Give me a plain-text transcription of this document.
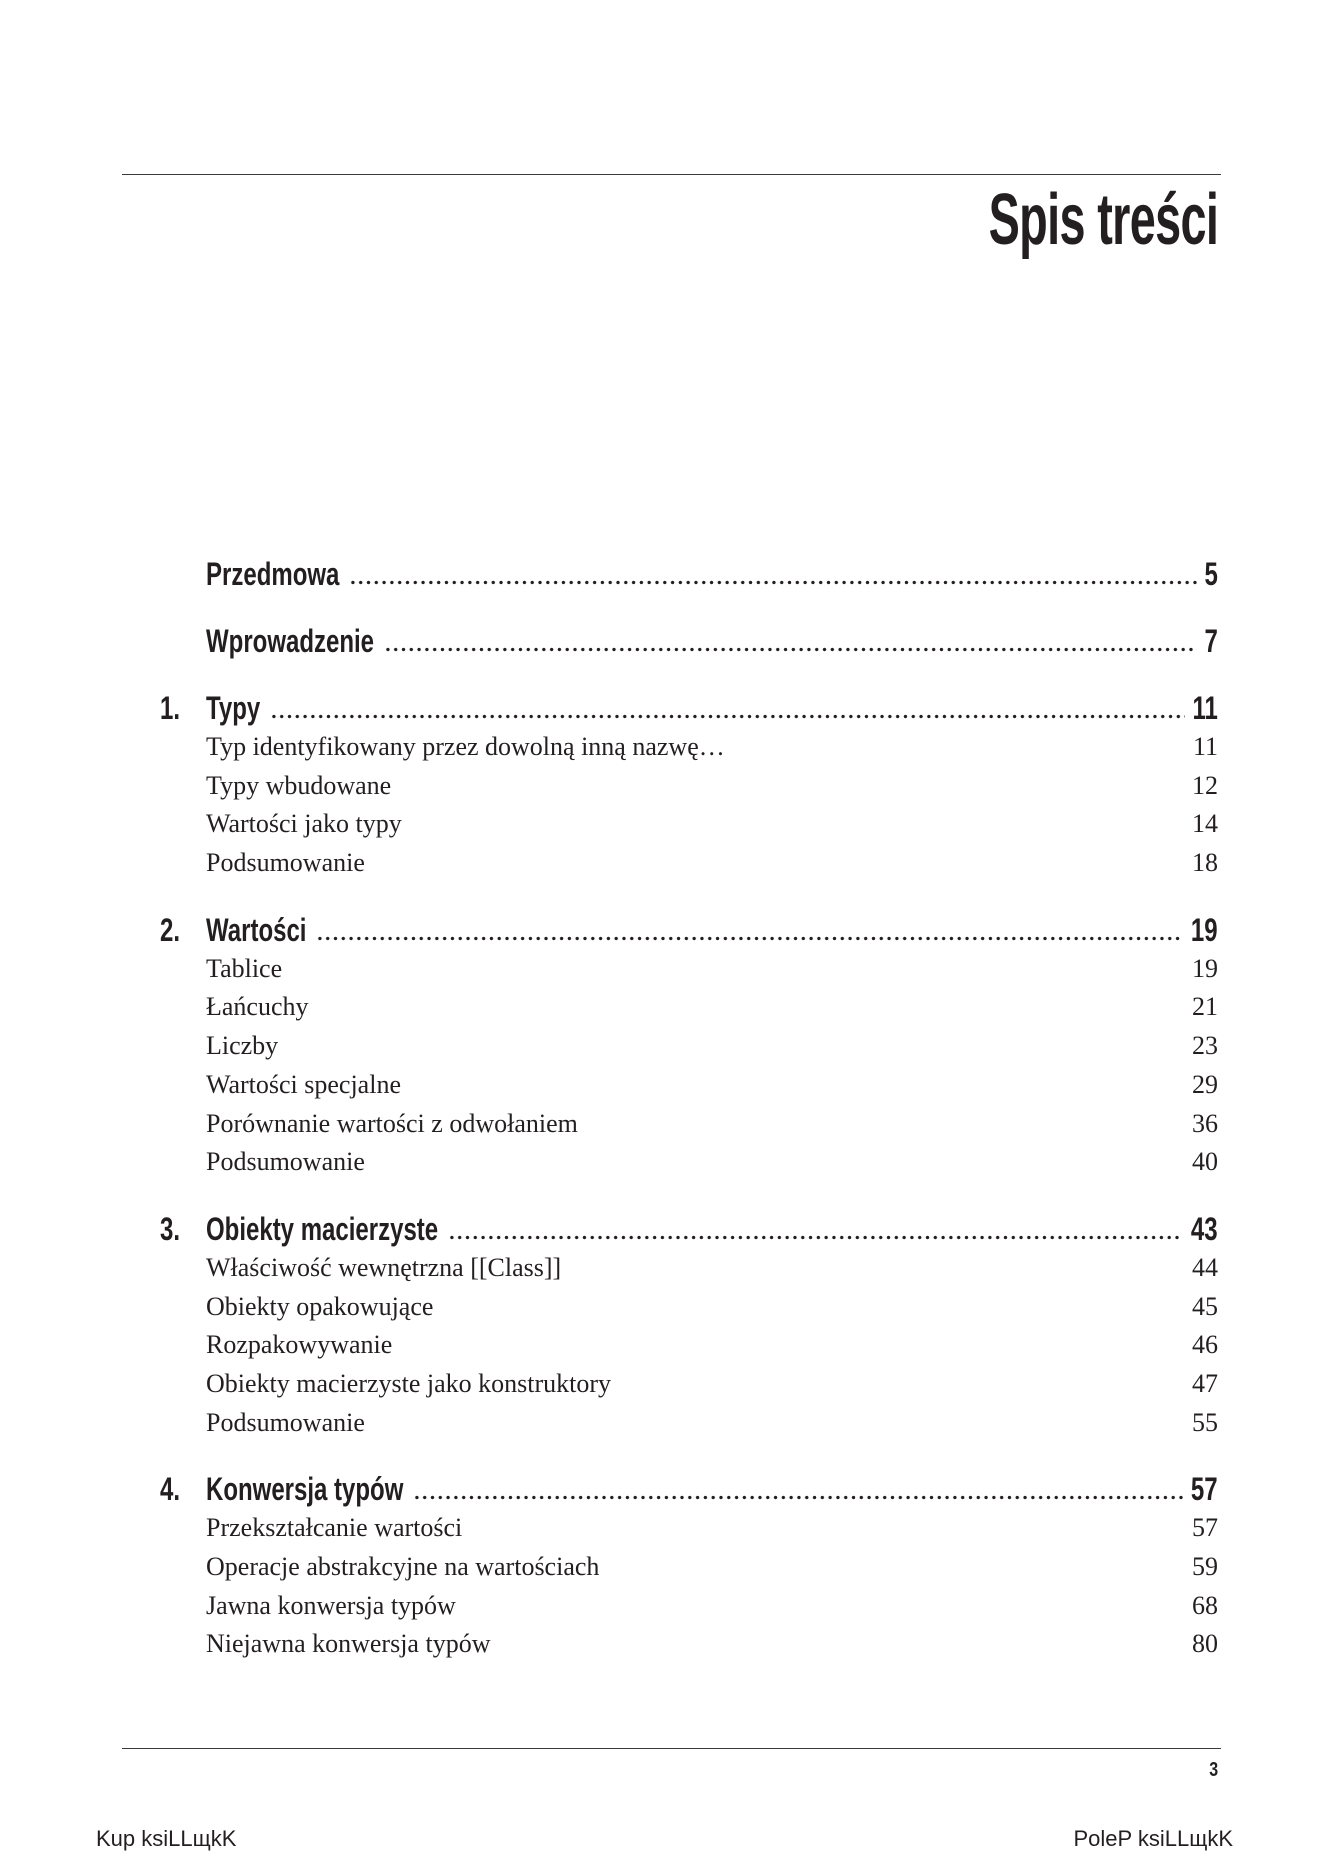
Spis treści
Przedmowa	5
Wprowadzenie	7
1. Typy	11
Typ identyfikowany przez dowolną inną nazwę…	11
Typy wbudowane	12
Wartości jako typy	14
Podsumowanie	18
2. Wartości	19
Tablice	19
Łańcuchy	21
Liczby	23
Wartości specjalne	29
Porównanie wartości z odwołaniem	36
Podsumowanie	40
3. Obiekty macierzyste	43
Właściwość wewnętrzna [[Class]]	44
Obiekty opakowujące	45
Rozpakowywanie	46
Obiekty macierzyste jako konstruktory	47
Podsumowanie	55
4. Konwersja typów	57
Przekształcanie wartości	57
Operacje abstrakcyjne na wartościach	59
Jawna konwersja typów	68
Niejawna konwersja typów	80
3
Kup ksiLLщkK	PoleP ksiLLщkK
